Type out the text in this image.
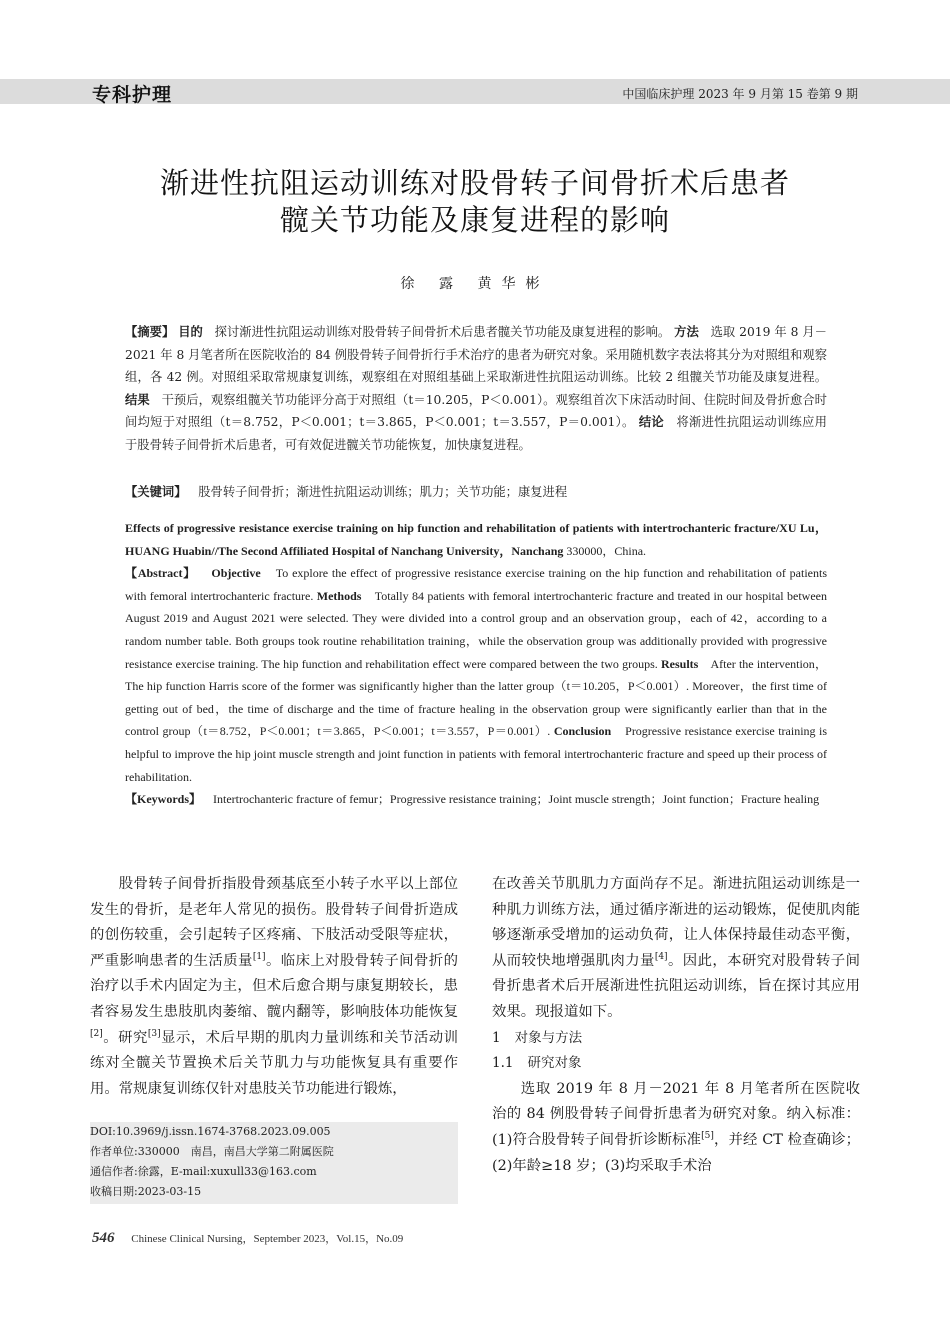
专科护理	中国临床护理 2023 年 9 月第 15 卷第 9 期
渐进性抗阻运动训练对股骨转子间骨折术后患者
髋关节功能及康复进程的影响
徐 露 黄华彬
【摘要】 目的 探讨渐进性抗阻运动训练对股骨转子间骨折术后患者髋关节功能及康复进程的影响。 方法 选取 2019 年 8 月－2021 年 8 月笔者所在医院收治的 84 例股骨转子间骨折行手术治疗的患者为研究对象。采用随机数字表法将其分为对照组和观察组，各 42 例。对照组采取常规康复训练，观察组在对照组基础上采取渐进性抗阻运动训练。比较 2 组髋关节功能及康复进程。 结果 干预后，观察组髋关节功能评分高于对照组（t＝10.205，P＜0.001）。观察组首次下床活动时间、住院时间及骨折愈合时间均短于对照组（t＝8.752，P＜0.001；t＝3.865，P＜0.001；t＝3.557，P＝0.001）。 结论 将渐进性抗阻运动训练应用于股骨转子间骨折术后患者，可有效促进髋关节功能恢复，加快康复进程。
【关键词】 股骨转子间骨折；渐进性抗阻运动训练；肌力；关节功能；康复进程
Effects of progressive resistance exercise training on hip function and rehabilitation of patients with intertrochanteric fracture/XU Lu，HUANG Huabin//The Second Affiliated Hospital of Nanchang University，Nanchang 330000，China.
【Abstract】 Objective To explore the effect of progressive resistance exercise training on the hip function and rehabilitation of patients with femoral intertrochanteric fracture. Methods Totally 84 patients with femoral intertrochanteric fracture and treated in our hospital between August 2019 and August 2021 were selected. They were divided into a control group and an observation group，each of 42，according to a random number table. Both groups took routine rehabilitation training，while the observation group was additionally provided with progressive resistance exercise training. The hip function and rehabilitation effect were compared between the two groups. Results After the intervention，The hip function Harris score of the former was significantly higher than the latter group（t＝10.205，P＜0.001）. Moreover，the first time of getting out of bed，the time of discharge and the time of fracture healing in the observation group were significantly earlier than that in the control group（t＝8.752，P＜0.001；t＝3.865，P＜0.001；t＝3.557，P＝0.001）. Conclusion Progressive resistance exercise training is helpful to improve the hip joint muscle strength and joint function in patients with femoral intertrochanteric fracture and speed up their process of rehabilitation.
【Keywords】 Intertrochanteric fracture of femur；Progressive resistance training；Joint muscle strength；Joint function；Fracture healing

股骨转子间骨折指股骨颈基底至小转子水平以上部位发生的骨折，是老年人常见的损伤。股骨转子间骨折造成的创伤较重，会引起转子区疼痛、下肢活动受限等症状，严重影响患者的生活质量[1]。临床上对股骨转子间骨折的治疗以手术内固定为主，但术后愈合期与康复期较长，患者容易发生患肢肌肉萎缩、髋内翻等，影响肢体功能恢复[2]。研究[3]显示，术后早期的肌肉力量训练和关节活动训练对全髋关节置换术后关节肌力与功能恢复具有重要作用。常规康复训练仅针对患肢关节功能进行锻炼，

DOI:10.3969/j.issn.1674-3768.2023.09.005
作者单位:330000　南昌，南昌大学第二附属医院
通信作者:徐露，E-mail:xuxull33@163.com
收稿日期:2023-03-15

在改善关节肌肌力方面尚存不足。渐进抗阻运动训练是一种肌力训练方法，通过循序渐进的运动锻炼，促使肌肉能够逐渐承受增加的运动负荷，让人体保持最佳动态平衡，从而较快地增强肌肉力量[4]。因此，本研究对股骨转子间骨折患者术后开展渐进性抗阻运动训练，旨在探讨其应用效果。现报道如下。

1 对象与方法

1.1 研究对象

选取 2019 年 8 月－2021 年 8 月笔者所在医院收治的 84 例股骨转子间骨折患者为研究对象。纳入标准：(1)符合股骨转子间骨折诊断标准[5]，并经 CT 检查确诊；(2)年龄≥18 岁；(3)均采取手术治

546 Chinese Clinical Nursing，September 2023，Vol.15，No.09
